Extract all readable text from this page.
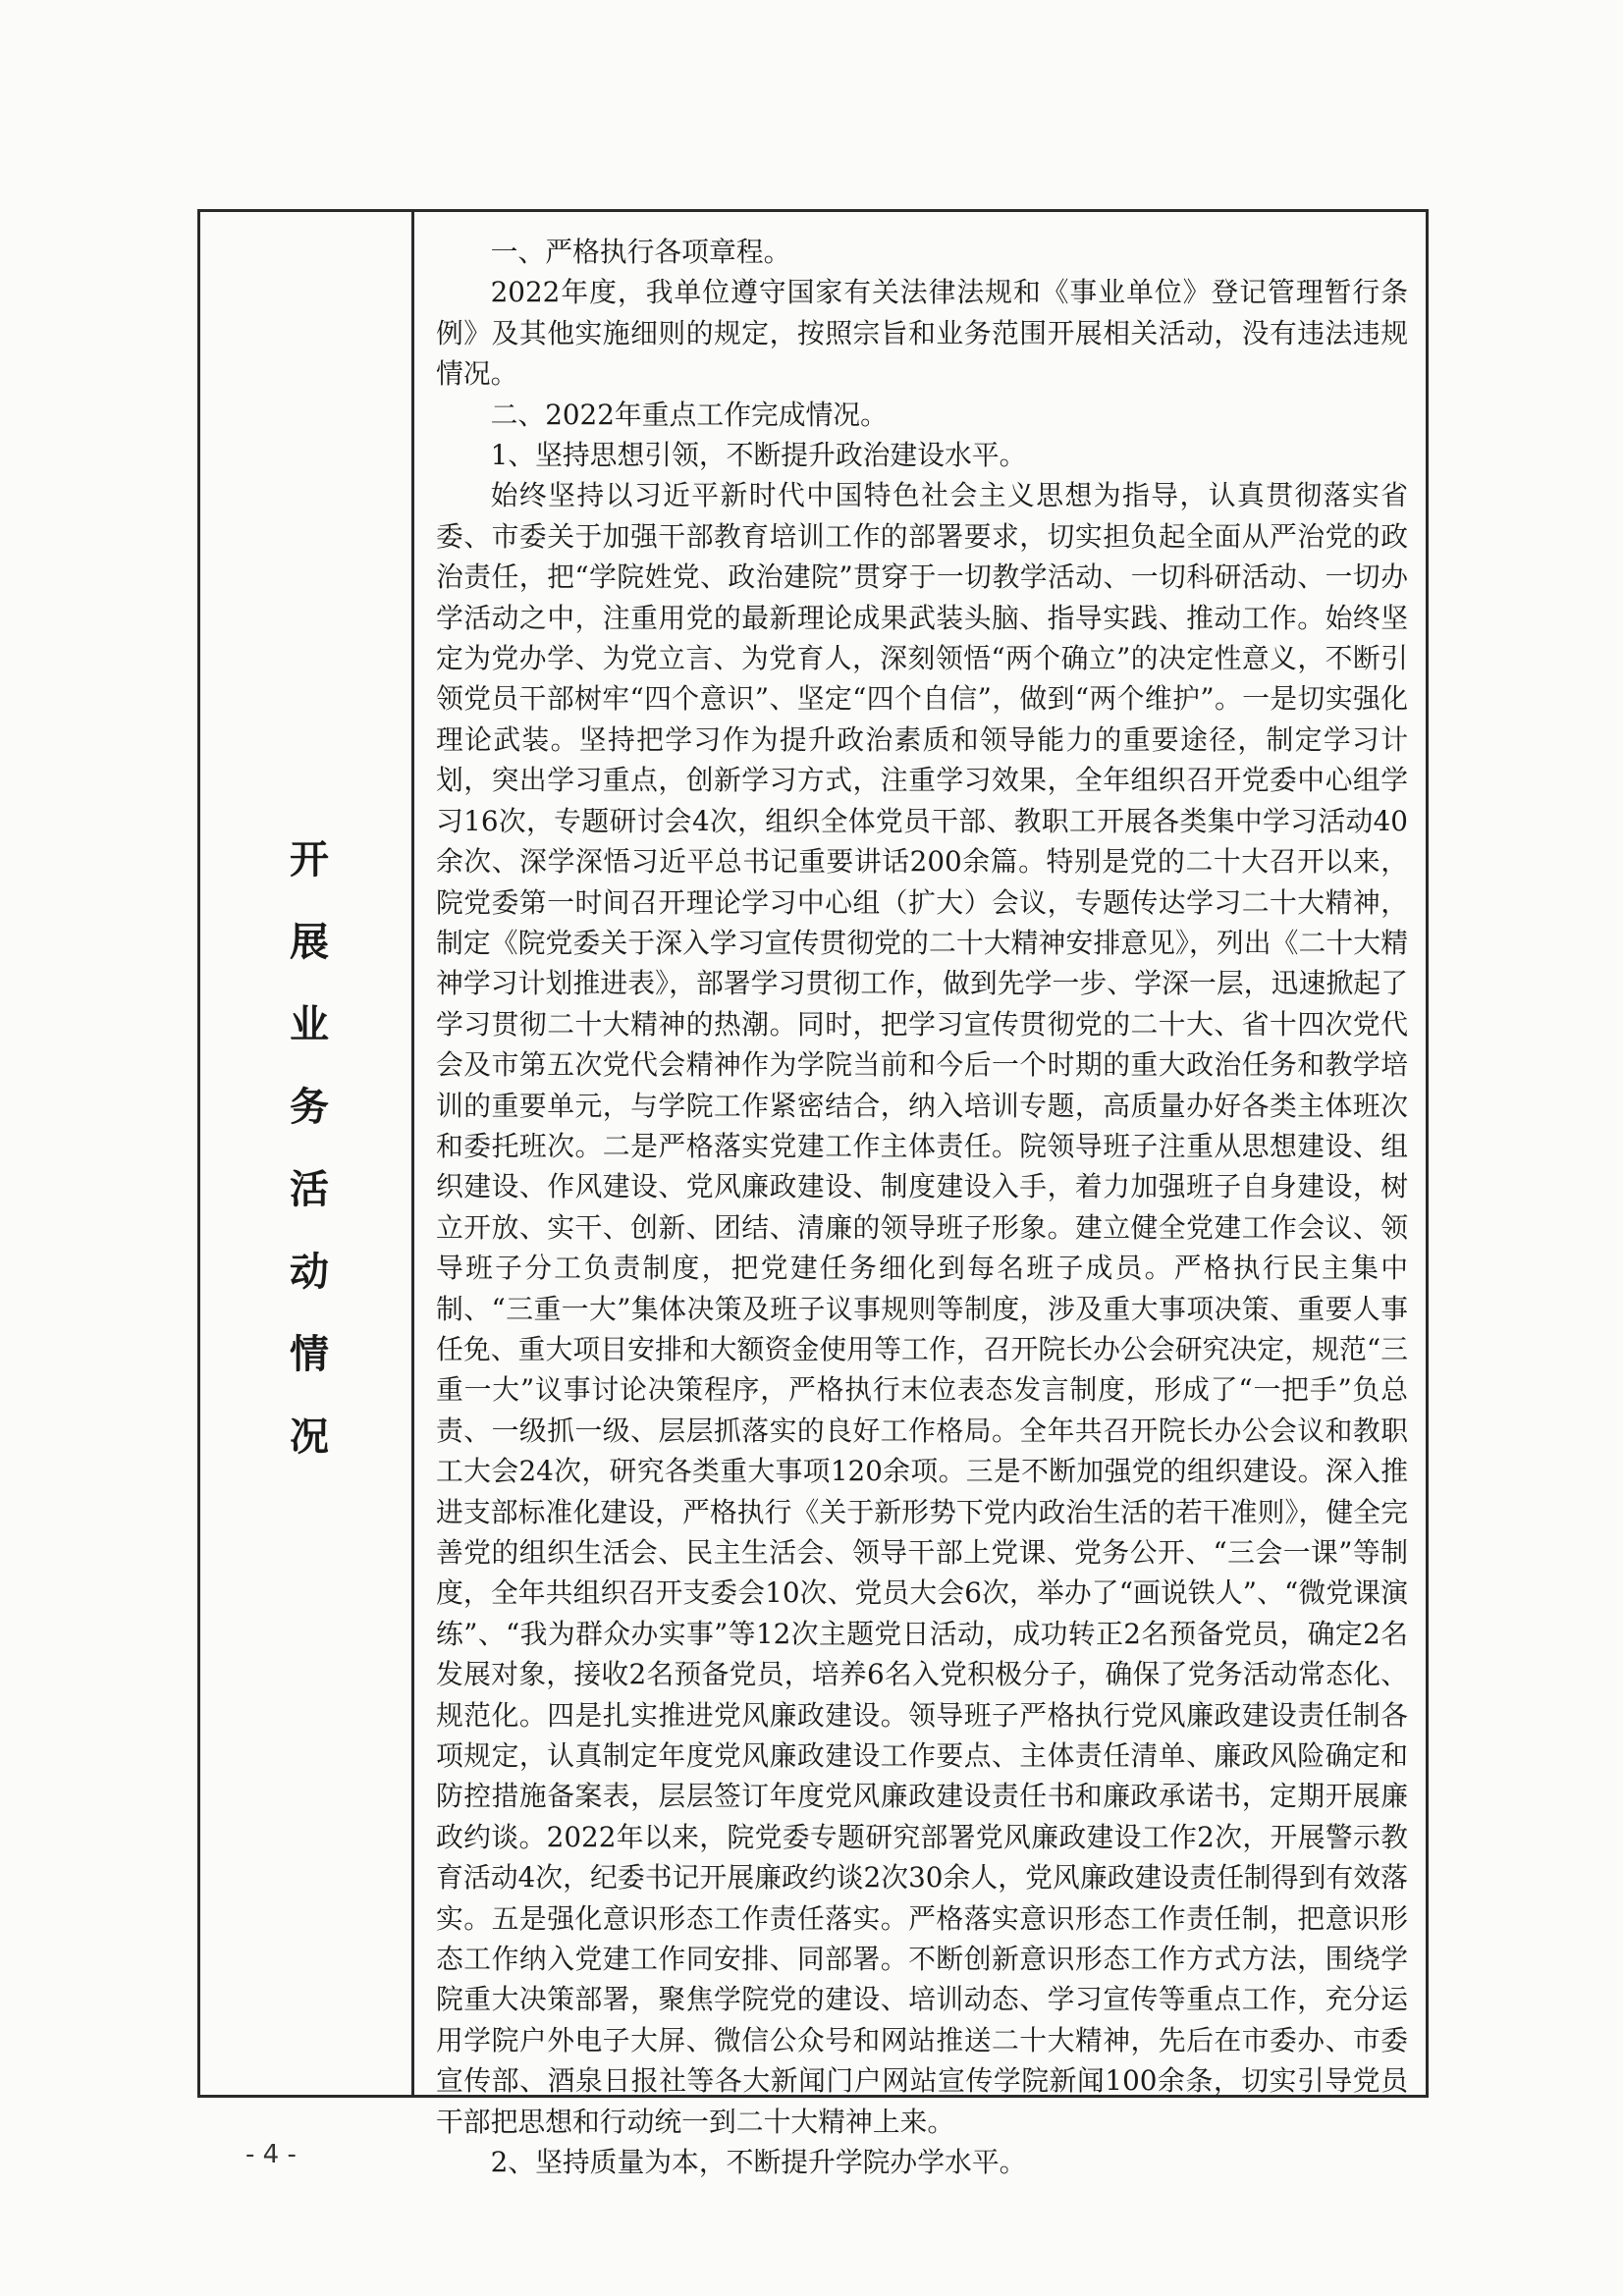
开展业务活动情况

一、严格执行各项章程。

2022年度，我单位遵守国家有关法律法规和《事业单位》登记管理暂行条例》及其他实施细则的规定，按照宗旨和业务范围开展相关活动，没有违法违规情况。

二、2022年重点工作完成情况。

1、坚持思想引领，不断提升政治建设水平。

始终坚持以习近平新时代中国特色社会主义思想为指导，认真贯彻落实省委、市委关于加强干部教育培训工作的部署要求，切实担负起全面从严治党的政治责任，把“学院姓党、政治建院”贯穿于一切教学活动、一切科研活动、一切办学活动之中，注重用党的最新理论成果武装头脑、指导实践、推动工作。始终坚定为党办学、为党立言、为党育人，深刻领悟“两个确立”的决定性意义，不断引领党员干部树牢“四个意识”、坚定“四个自信”，做到“两个维护”。一是切实强化理论武装。坚持把学习作为提升政治素质和领导能力的重要途径，制定学习计划，突出学习重点，创新学习方式，注重学习效果，全年组织召开党委中心组学习16次，专题研讨会4次，组织全体党员干部、教职工开展各类集中学习活动40余次、深学深悟习近平总书记重要讲话200余篇。特别是党的二十大召开以来，院党委第一时间召开理论学习中心组（扩大）会议，专题传达学习二十大精神，制定《院党委关于深入学习宣传贯彻党的二十大精神安排意见》，列出《二十大精神学习计划推进表》，部署学习贯彻工作，做到先学一步、学深一层，迅速掀起了学习贯彻二十大精神的热潮。同时，把学习宣传贯彻党的二十大、省十四次党代会及市第五次党代会精神作为学院当前和今后一个时期的重大政治任务和教学培训的重要单元，与学院工作紧密结合，纳入培训专题，高质量办好各类主体班次和委托班次。二是严格落实党建工作主体责任。院领导班子注重从思想建设、组织建设、作风建设、党风廉政建设、制度建设入手，着力加强班子自身建设，树立开放、实干、创新、团结、清廉的领导班子形象。建立健全党建工作会议、领导班子分工负责制度，把党建任务细化到每名班子成员。严格执行民主集中制、“三重一大”集体决策及班子议事规则等制度，涉及重大事项决策、重要人事任免、重大项目安排和大额资金使用等工作，召开院长办公会研究决定，规范“三重一大”议事讨论决策程序，严格执行末位表态发言制度，形成了“一把手”负总责、一级抓一级、层层抓落实的良好工作格局。全年共召开院长办公会议和教职工大会24次，研究各类重大事项120余项。三是不断加强党的组织建设。深入推进支部标准化建设，严格执行《关于新形势下党内政治生活的若干准则》，健全完善党的组织生活会、民主生活会、领导干部上党课、党务公开、“三会一课”等制度，全年共组织召开支委会10次、党员大会6次，举办了“画说铁人”、“微党课演练”、“我为群众办实事”等12次主题党日活动，成功转正2名预备党员，确定2名发展对象，接收2名预备党员，培养6名入党积极分子，确保了党务活动常态化、规范化。四是扎实推进党风廉政建设。领导班子严格执行党风廉政建设责任制各项规定，认真制定年度党风廉政建设工作要点、主体责任清单、廉政风险确定和防控措施备案表，层层签订年度党风廉政建设责任书和廉政承诺书，定期开展廉政约谈。2022年以来，院党委专题研究部署党风廉政建设工作2次，开展警示教育活动4次，纪委书记开展廉政约谈2次30余人，党风廉政建设责任制得到有效落实。五是强化意识形态工作责任落实。严格落实意识形态工作责任制，把意识形态工作纳入党建工作同安排、同部署。不断创新意识形态工作方式方法，围绕学院重大决策部署，聚焦学院党的建设、培训动态、学习宣传等重点工作，充分运用学院户外电子大屏、微信公众号和网站推送二十大精神，先后在市委办、市委宣传部、酒泉日报社等各大新闻门户网站宣传学院新闻100余条，切实引导党员干部把思想和行动统一到二十大精神上来。

2、坚持质量为本，不断提升学院办学水平。

- 4 -
